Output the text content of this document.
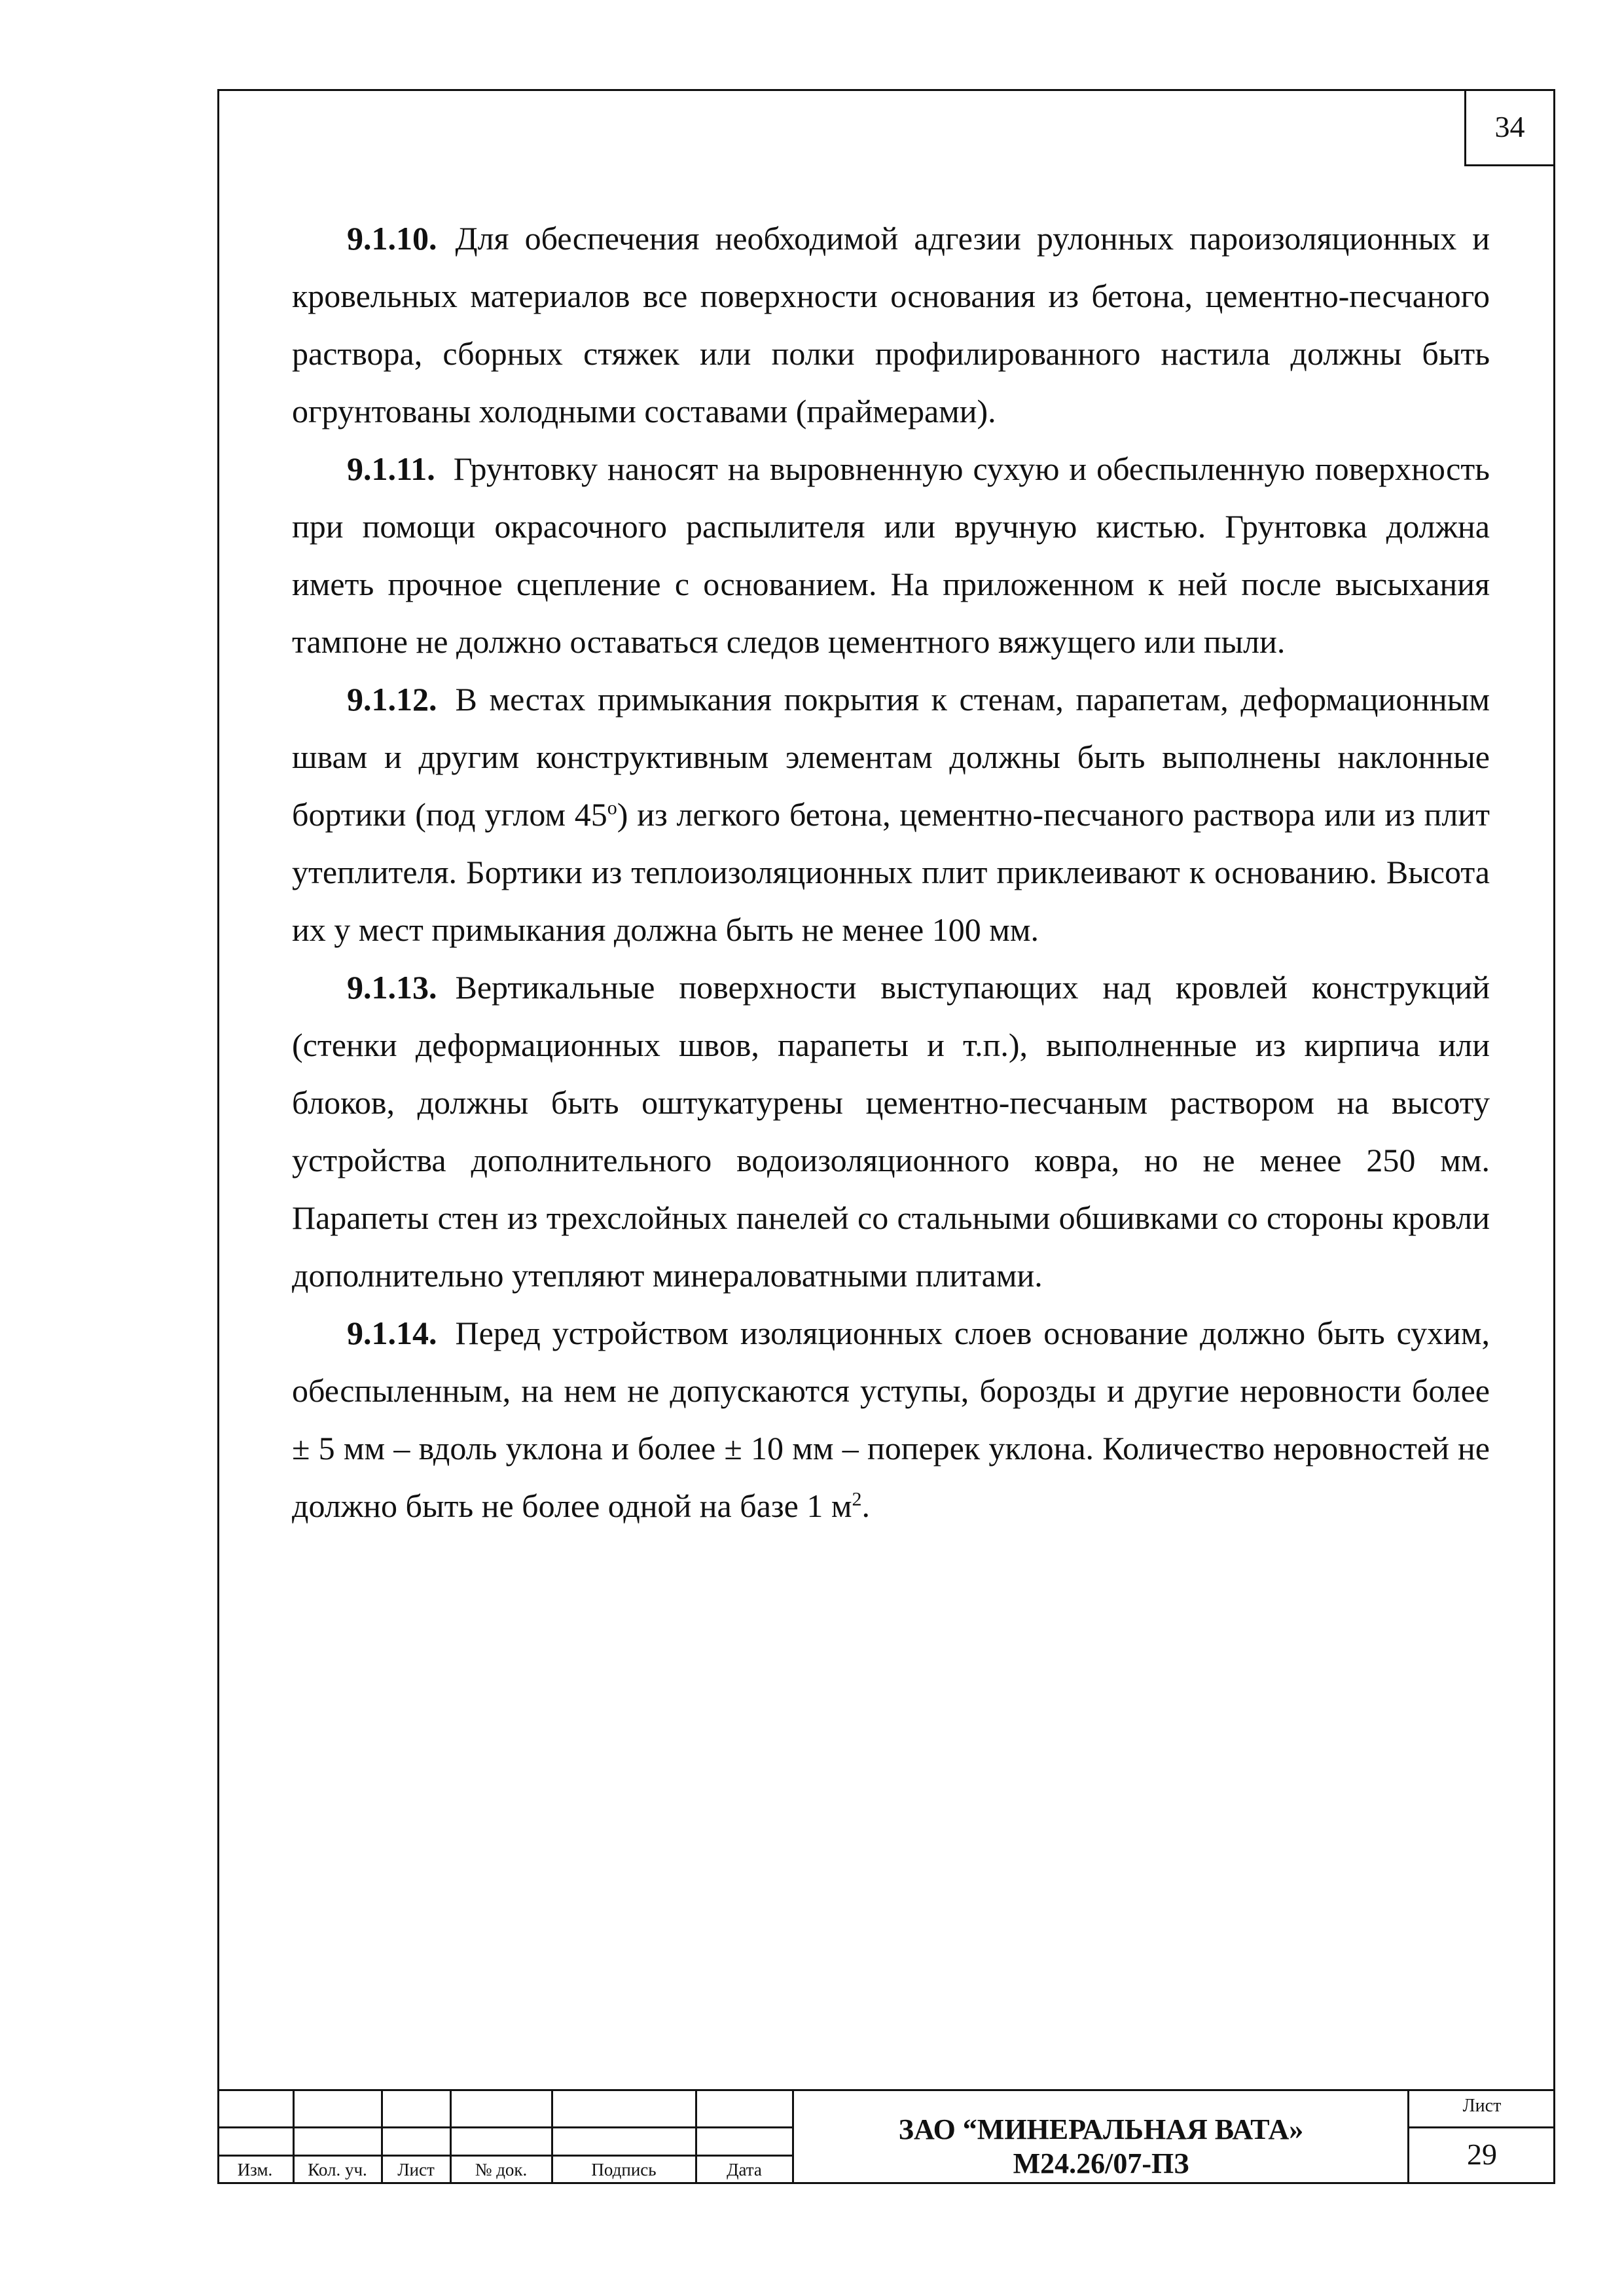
34

9.1.10. Для обеспечения необходимой адгезии рулонных пароизоляционных и кровельных материалов все поверхности основания из бетона, цементно-песчаного раствора, сборных стяжек или полки профилированного настила должны быть огрунтованы холодными составами (праймерами).

9.1.11. Грунтовку наносят на выровненную сухую и обеспыленную поверхность при помощи окрасочного распылителя или вручную кистью. Грунтовка должна иметь прочное сцепление с основанием. На приложенном к ней после высыхания тампоне не должно оставаться следов цементного вяжущего или пыли.

9.1.12. В местах примыкания покрытия к стенам, парапетам, деформационным швам и другим конструктивным элементам должны быть выполнены наклонные бортики (под углом $45^о$) из легкого бетона, цементно-песчаного раствора или из плит утеплителя. Бортики из теплоизоляционных плит приклеивают к основанию. Высота их у мест примыкания должна быть не менее 100 мм.

9.1.13. Вертикальные поверхности выступающих над кровлей конструкций (стенки деформационных швов, парапеты и т.п.), выполненные из кирпича или блоков, должны быть оштукатурены цементно-песчаным раствором на высоту устройства дополнительного водоизоляционного ковра, но не менее 250 мм. Парапеты стен из трехслойных панелей со стальными обшивками со стороны кровли дополнительно утепляют минераловатными плитами.

9.1.14. Перед устройством изоляционных слоев основание должно быть сухим, обеспыленным, на нем не допускаются уступы, борозды и другие неровности более ± 5 мм – вдоль уклона и более ± 10 мм – поперек уклона. Количество неровностей не должно быть не более одной на базе 1 $м^2$.

Изм.	Кол. уч.	Лист	№ док.	Подпись	Дата
ЗАО “МИНЕРАЛЬНАЯ ВАТА»
М24.26/07-ПЗ
Лист
29
